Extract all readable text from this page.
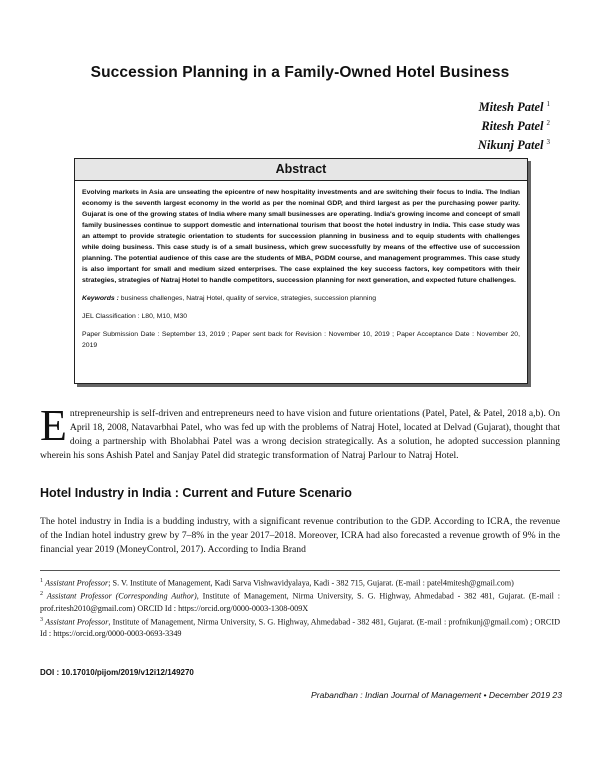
Succession Planning in a Family-Owned Hotel Business
Mitesh Patel $^1$
Ritesh Patel $^2$
Nikunj Patel $^3$
Abstract

Evolving markets in Asia are unseating the epicentre of new hospitality investments and are switching their focus to India. The Indian economy is the seventh largest economy in the world as per the nominal GDP, and third largest as per the purchasing power parity. Gujarat is one of the growing states of India where many small businesses are operating. India's growing income and concept of small family businesses continue to support domestic and international tourism that boost the hotel industry in India. This case study was an attempt to provide strategic orientation to students for succession planning in business and to equip students with challenges while doing business. This case study is of a small business, which grew successfully by means of the effective use of succession planning. The potential audience of this case are the students of MBA, PGDM course, and management programmes. This case study is also important for small and medium sized enterprises. The case explained the key success factors, key competitors with their strategies, strategies of Natraj Hotel to handle competitors, succession planning for next generation, and expected future challenges.

Keywords : business challenges, Natraj Hotel, quality of service, strategies, succession planning

JEL Classification : L80, M10, M30

Paper Submission Date : September 13, 2019 ; Paper sent back for Revision : November 10, 2019 ; Paper Acceptance Date : November 20, 2019

Entrepreneurship is self-driven and entrepreneurs need to have vision and future orientations (Patel, Patel, & Patel, 2018 a,b). On April 18, 2008, Natavarbhai Patel, who was fed up with the problems of Natraj Hotel, located at Delvad (Gujarat), thought that doing a partnership with Bholabhai Patel was a wrong decision strategically. As a solution, he adopted succession planning wherein his sons Ashish Patel and Sanjay Patel did strategic transformation of Natraj Parlour to Natraj Hotel.
Hotel Industry in India : Current and Future Scenario
The hotel industry in India is a budding industry, with a significant revenue contribution to the GDP. According to ICRA, the revenue of the Indian hotel industry grew by 7–8% in the year 2017–2018. Moreover, ICRA had also forecasted a revenue growth of 9% in the financial year 2019 (MoneyControl, 2017). According to India Brand

$^1$ Assistant Professor; S. V. Institute of Management, Kadi Sarva Vishwavidyalaya, Kadi - 382 715, Gujarat. (E-mail : patel4mitesh@gmail.com)

$^2$ Assistant Professor (Corresponding Author), Institute of Management, Nirma University, S. G. Highway, Ahmedabad - 382 481, Gujarat. (E-mail : prof.ritesh2010@gmail.com) ORCID Id : https://orcid.org/0000-0003-1308-009X

$^3$ Assistant Professor, Institute of Management, Nirma University, S. G. Highway, Ahmedabad - 382 481, Gujarat. (E-mail : profnikunj@gmail.com) ; ORCID Id : https://orcid.org/0000-0003-0693-3349

DOI : 10.17010/pijom/2019/v12i12/149270
Prabandhan : Indian Journal of Management • December 2019 23
